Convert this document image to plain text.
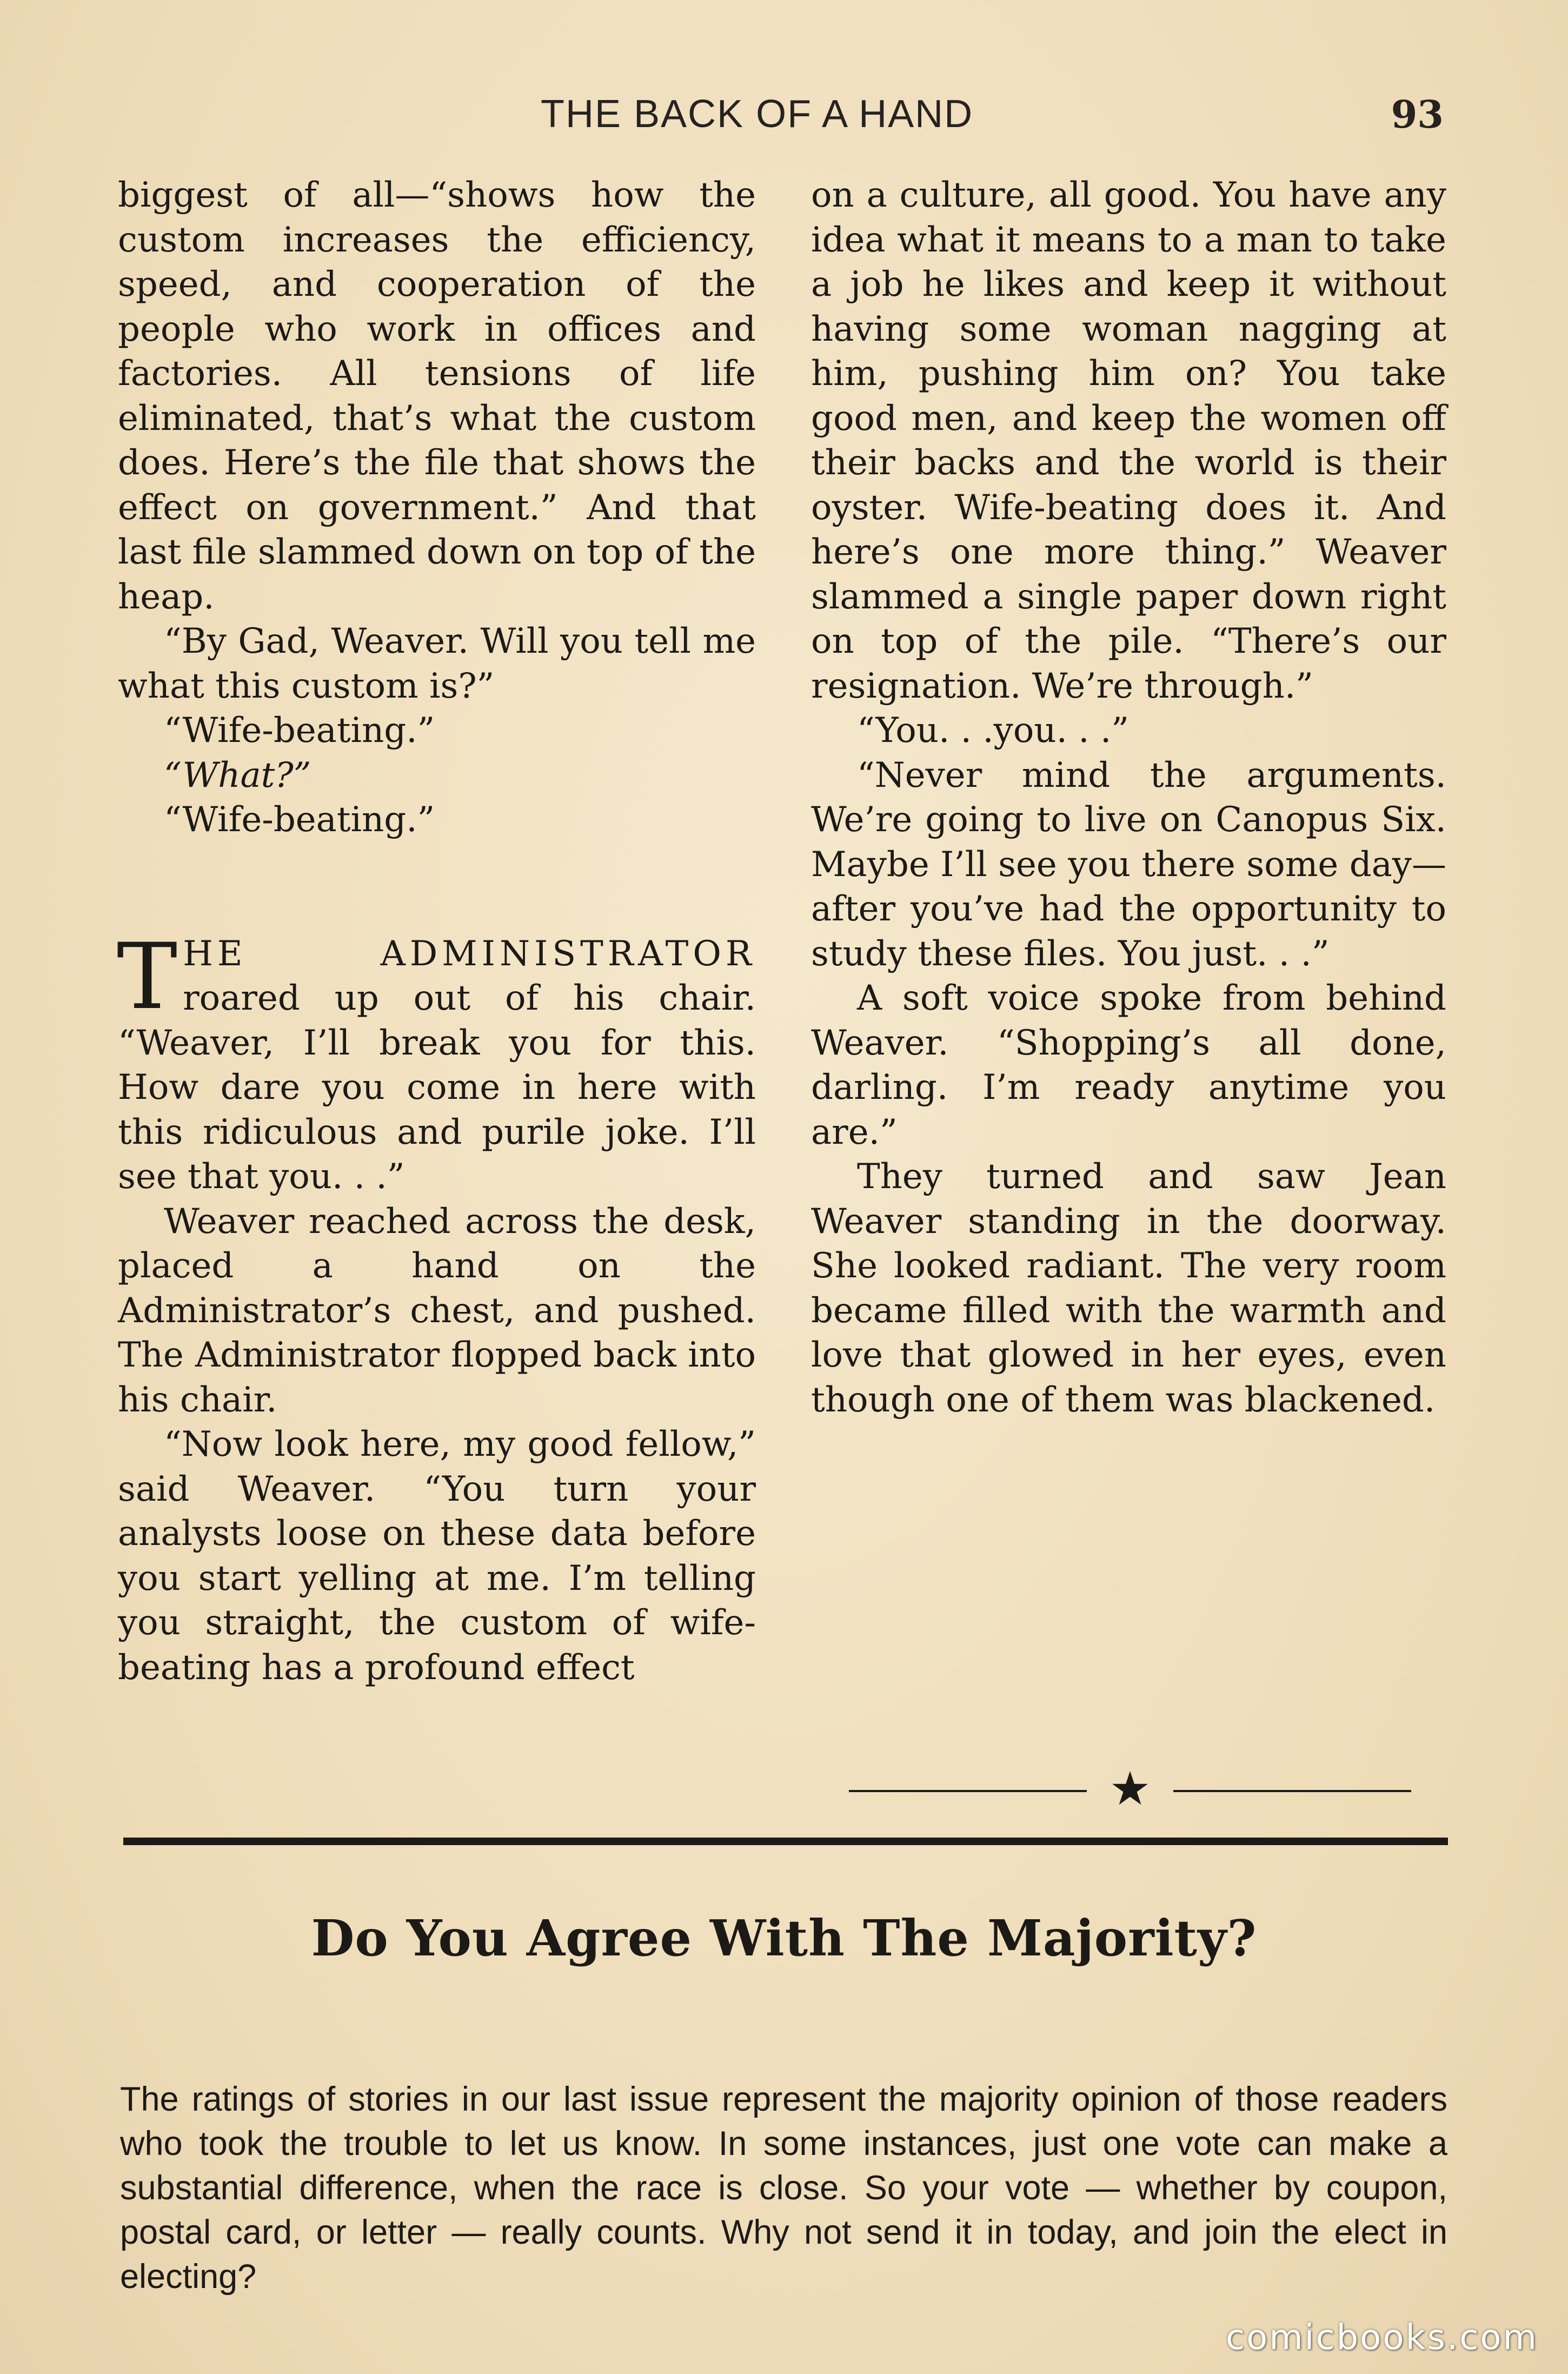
THE BACK OF A HAND	93

biggest of all—“shows how the custom increases the efficiency, speed, and cooperation of the people who work in offices and factories. All tensions of life eliminated, that’s what the custom does. Here’s the file that shows the effect on government.” And that last file slammed down on top of the heap.

“By Gad, Weaver. Will you tell me what this custom is?”

“Wife-beating.”

“What?”

“Wife-beating.”

THE ADMINISTRATOR roared up out of his chair. “Weaver, I’ll break you for this. How dare you come in here with this ridiculous and purile joke. I’ll see that you. . .”

Weaver reached across the desk, placed a hand on the Administrator’s chest, and pushed. The Administrator flopped back into his chair.

“Now look here, my good fellow,” said Weaver. “You turn your analysts loose on these data before you start yelling at me. I’m telling you straight, the custom of wife-beating has a profound effect

on a culture, all good. You have any idea what it means to a man to take a job he likes and keep it without having some woman nagging at him, pushing him on? You take good men, and keep the women off their backs and the world is their oyster. Wife-beating does it. And here’s one more thing.” Weaver slammed a single paper down right on top of the pile. “There’s our resignation. We’re through.”

“You. . .you. . .”

“Never mind the arguments. We’re going to live on Canopus Six. Maybe I’ll see you there some day—after you’ve had the opportunity to study these files. You just. . .”

A soft voice spoke from behind Weaver. “Shopping’s all done, darling. I’m ready anytime you are.”

They turned and saw Jean Weaver standing in the doorway. She looked radiant. The very room became filled with the warmth and love that glowed in her eyes, even though one of them was blackened.

★
Do You Agree With The Majority?

The ratings of stories in our last issue represent the majority opinion of those readers who took the trouble to let us know. In some instances, just one vote can make a substantial difference, when the race is close. So your vote — whether by coupon, postal card, or letter — really counts. Why not send it in today, and join the elect in electing?

comicbooks.com
